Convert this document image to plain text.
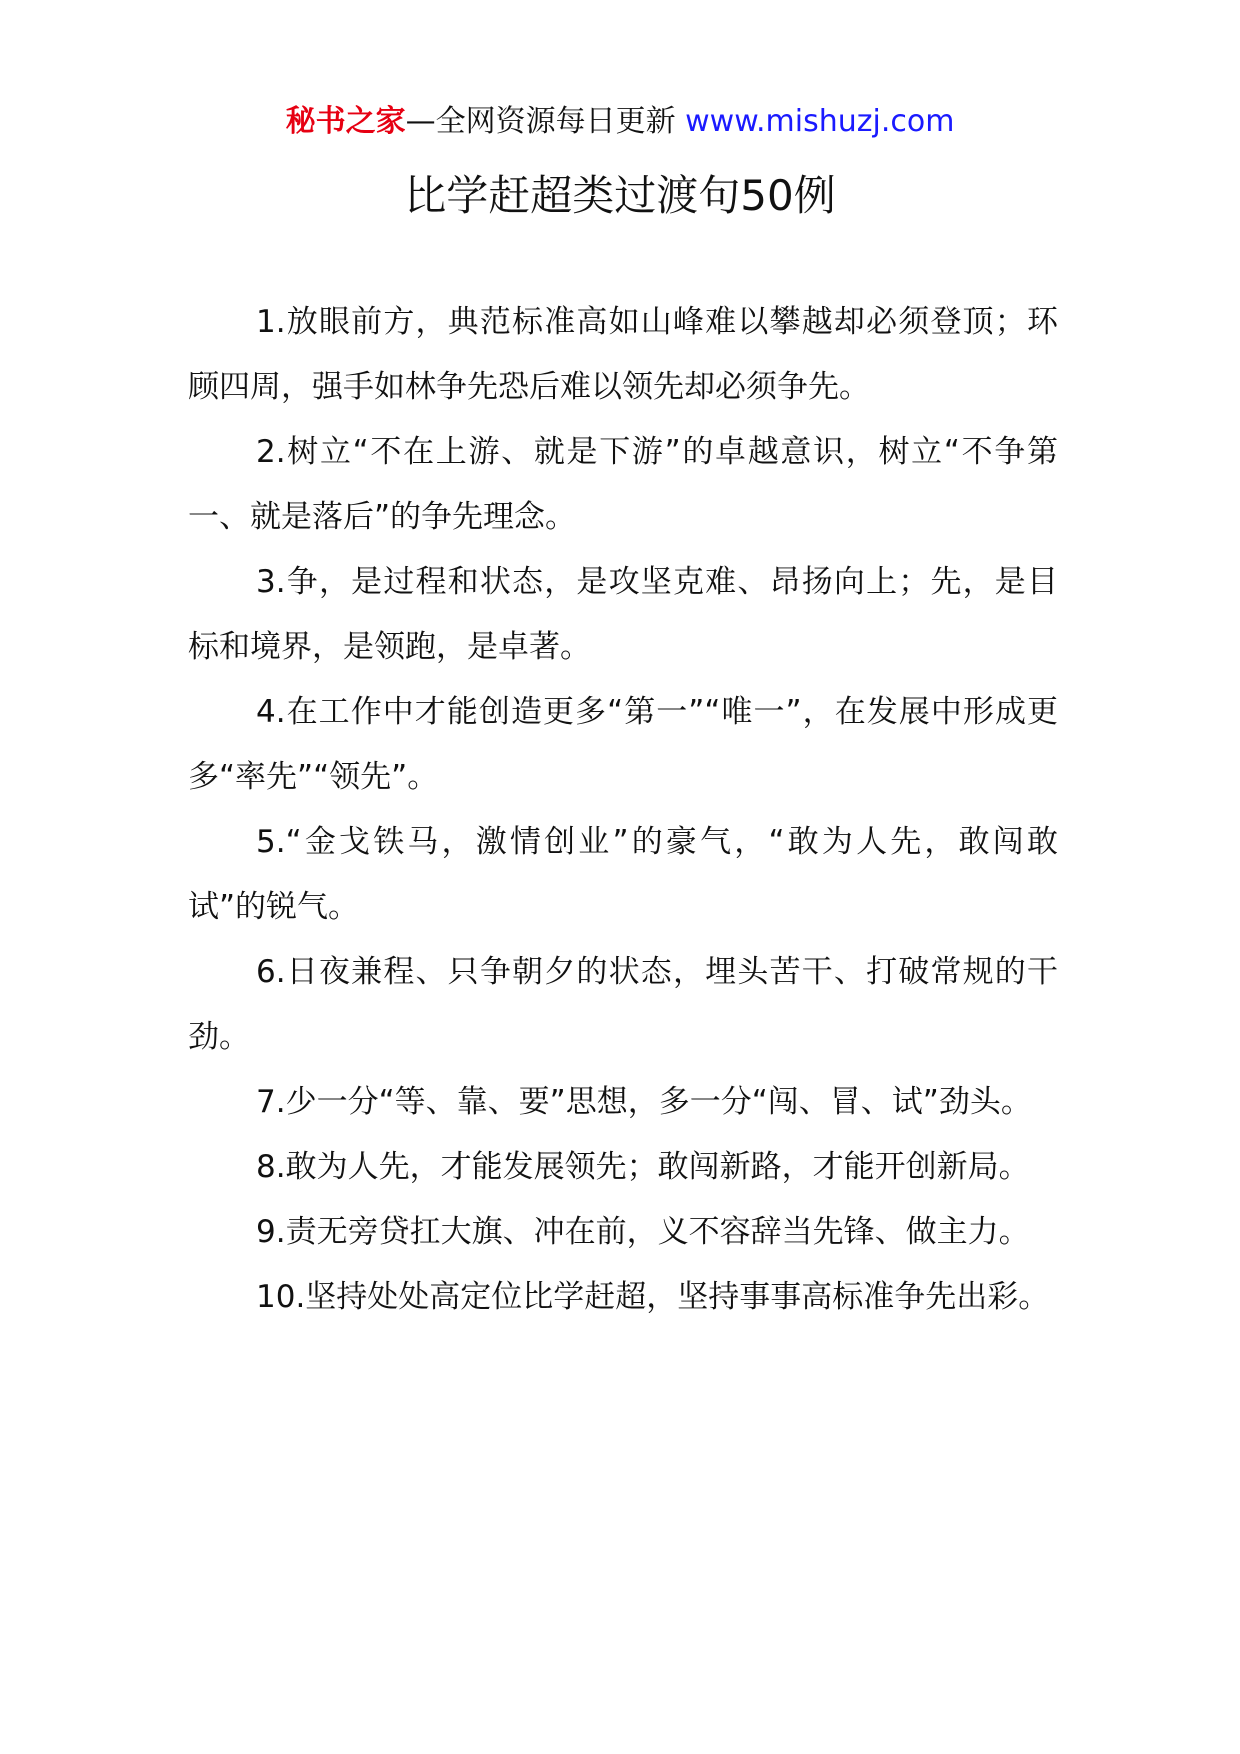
秘书之家—全网资源每日更新 www.mishuzj.com
比学赶超类过渡句50例

1.放眼前方，典范标准高如山峰难以攀越却必须登顶；环顾四周，强手如林争先恐后难以领先却必须争先。

2.树立“不在上游、就是下游”的卓越意识，树立“不争第一、就是落后”的争先理念。

3.争，是过程和状态，是攻坚克难、昂扬向上；先，是目标和境界，是领跑，是卓著。

4.在工作中才能创造更多“第一”“唯一”，在发展中形成更多“率先”“领先”。

5.“金戈铁马，激情创业”的豪气，“敢为人先，敢闯敢试”的锐气。

6.日夜兼程、只争朝夕的状态，埋头苦干、打破常规的干劲。

7.少一分“等、靠、要”思想，多一分“闯、冒、试”劲头。

8.敢为人先，才能发展领先；敢闯新路，才能开创新局。

9.责无旁贷扛大旗、冲在前，义不容辞当先锋、做主力。

10.坚持处处高定位比学赶超，坚持事事高标准争先出彩。
